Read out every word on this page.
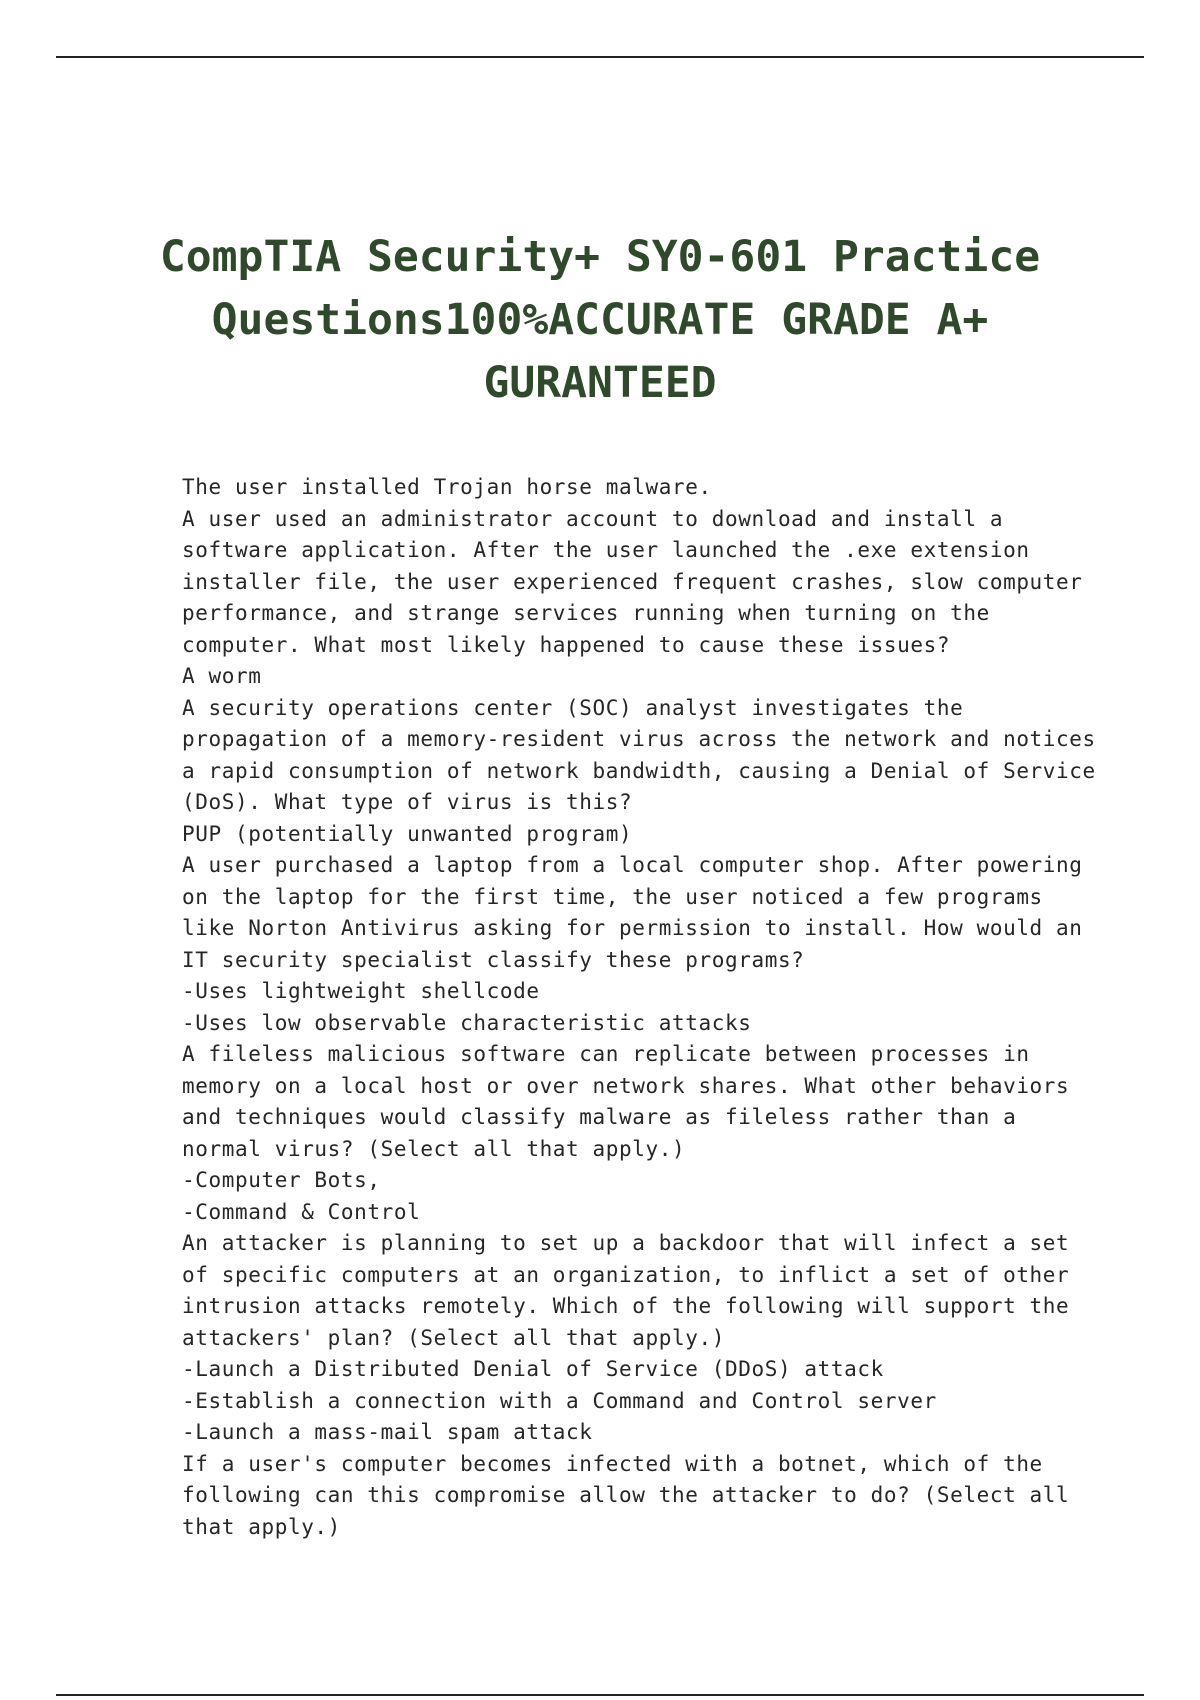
CompTIA Security+ SY0-601 Practice
Questions100%ACCURATE GRADE A+
GURANTEED
The user installed Trojan horse malware.
A user used an administrator account to download and install a
software application. After the user launched the .exe extension
installer file, the user experienced frequent crashes, slow computer
performance, and strange services running when turning on the
computer. What most likely happened to cause these issues?
A worm
A security operations center (SOC) analyst investigates the
propagation of a memory-resident virus across the network and notices
a rapid consumption of network bandwidth, causing a Denial of Service
(DoS). What type of virus is this?
PUP (potentially unwanted program)
A user purchased a laptop from a local computer shop. After powering
on the laptop for the first time, the user noticed a few programs
like Norton Antivirus asking for permission to install. How would an
IT security specialist classify these programs?
-Uses lightweight shellcode
-Uses low observable characteristic attacks
A fileless malicious software can replicate between processes in
memory on a local host or over network shares. What other behaviors
and techniques would classify malware as fileless rather than a
normal virus? (Select all that apply.)
-Computer Bots,
-Command & Control
An attacker is planning to set up a backdoor that will infect a set
of specific computers at an organization, to inflict a set of other
intrusion attacks remotely. Which of the following will support the
attackers' plan? (Select all that apply.)
-Launch a Distributed Denial of Service (DDoS) attack
-Establish a connection with a Command and Control server
-Launch a mass-mail spam attack
If a user's computer becomes infected with a botnet, which of the
following can this compromise allow the attacker to do? (Select all
that apply.)
